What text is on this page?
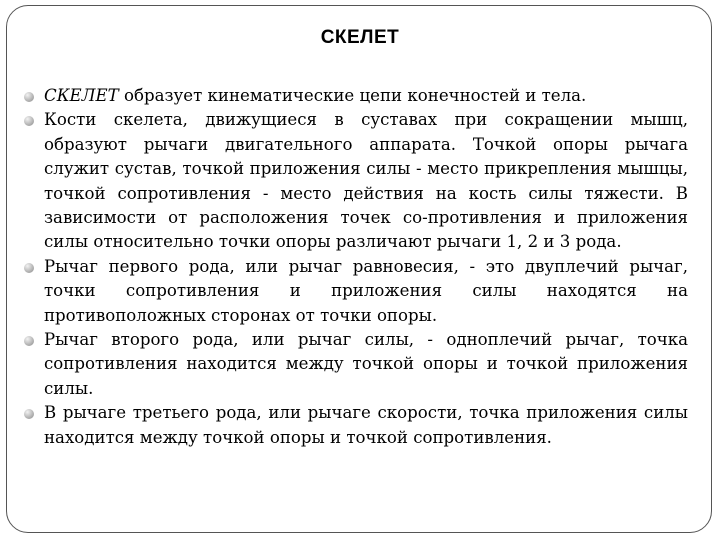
СКЕЛЕТ
СКЕЛЕТ образует кинематические цепи конечностей и тела.
Кости скелета, движущиеся в суставах при сокращении мышц, образуют рычаги двигательного аппарата. Точкой опоры рычага служит сустав, точкой приложения силы - место прикрепления мышцы, точкой сопротивления - место действия на кость силы тяжести. В зависимости от расположения точек со-противления и приложения силы относительно точки опоры различают рычаги 1, 2 и 3 рода.
Рычаг первого рода, или рычаг равновесия, - это двуплечий рычаг, точки сопротивления и приложения силы находятся на противоположных сторонах от точки опоры.
Рычаг второго рода, или рычаг силы, - одноплечий рычаг, точка сопротивления находится между точкой опоры и точкой приложения силы.
В рычаге третьего рода, или рычаге скорости, точка приложения силы находится между точкой опоры и точкой сопротивления.
